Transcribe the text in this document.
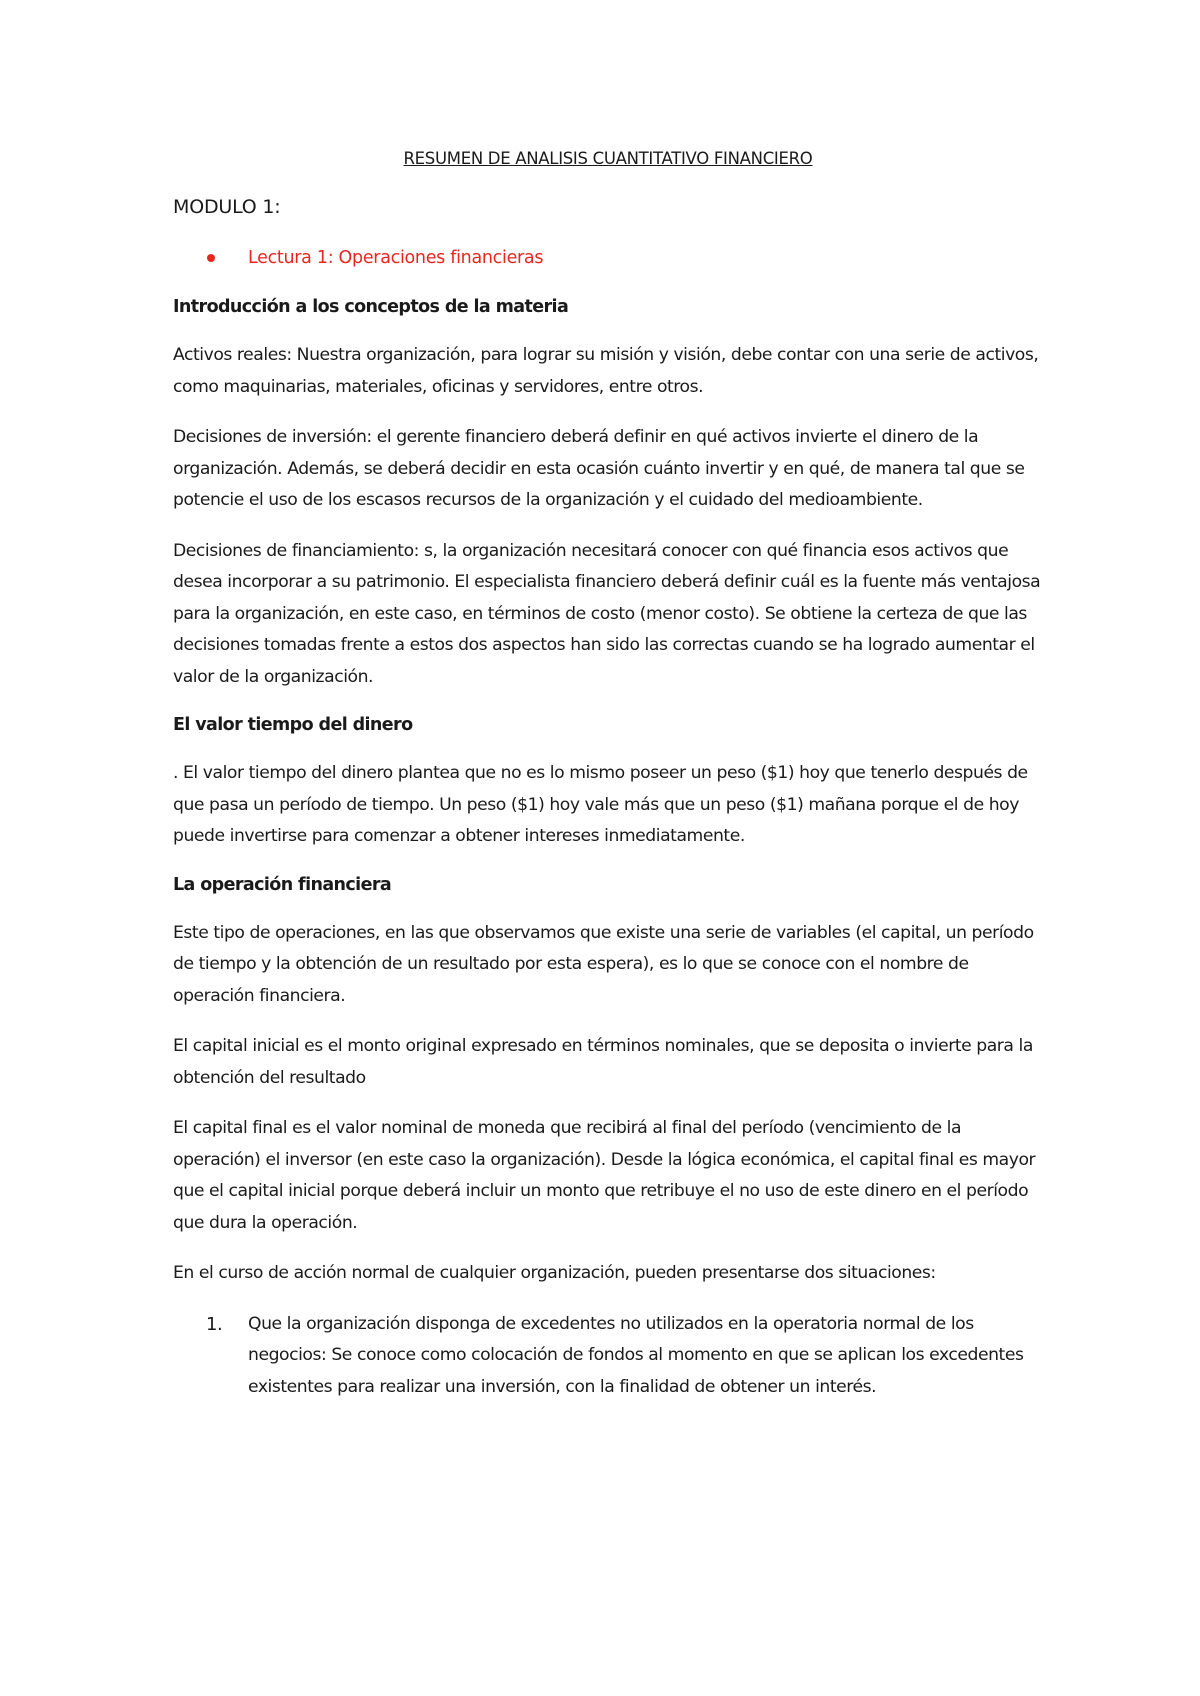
RESUMEN DE ANALISIS CUANTITATIVO FINANCIERO
MODULO 1:
Lectura 1: Operaciones financieras
Introducción a los conceptos de la materia

Activos reales: Nuestra organización, para lograr su misión y visión, debe contar con una serie de activos, como maquinarias, materiales, oficinas y servidores, entre otros.

Decisiones de inversión: el gerente financiero deberá definir en qué activos invierte el dinero de la organización. Además, se deberá decidir en esta ocasión cuánto invertir y en qué, de manera tal que se potencie el uso de los escasos recursos de la organización y el cuidado del medioambiente.

Decisiones de financiamiento: s, la organización necesitará conocer con qué financia esos activos que desea incorporar a su patrimonio. El especialista financiero deberá definir cuál es la fuente más ventajosa para la organización, en este caso, en términos de costo (menor costo). Se obtiene la certeza de que las decisiones tomadas frente a estos dos aspectos han sido las correctas cuando se ha logrado aumentar el valor de la organización.

El valor tiempo del dinero

. El valor tiempo del dinero plantea que no es lo mismo poseer un peso ($1) hoy que tenerlo después de que pasa un período de tiempo. Un peso ($1) hoy vale más que un peso ($1) mañana porque el de hoy puede invertirse para comenzar a obtener intereses inmediatamente.

La operación financiera

Este tipo de operaciones, en las que observamos que existe una serie de variables (el capital, un período de tiempo y la obtención de un resultado por esta espera), es lo que se conoce con el nombre de operación financiera.

El capital inicial es el monto original expresado en términos nominales, que se deposita o invierte para la obtención del resultado

El capital final es el valor nominal de moneda que recibirá al final del período (vencimiento de la operación) el inversor (en este caso la organización). Desde la lógica económica, el capital final es mayor que el capital inicial porque deberá incluir un monto que retribuye el no uso de este dinero en el período que dura la operación.

En el curso de acción normal de cualquier organización, pueden presentarse dos situaciones:

1. Que la organización disponga de excedentes no utilizados en la operatoria normal de los negocios: Se conoce como colocación de fondos al momento en que se aplican los excedentes existentes para realizar una inversión, con la finalidad de obtener un interés.
